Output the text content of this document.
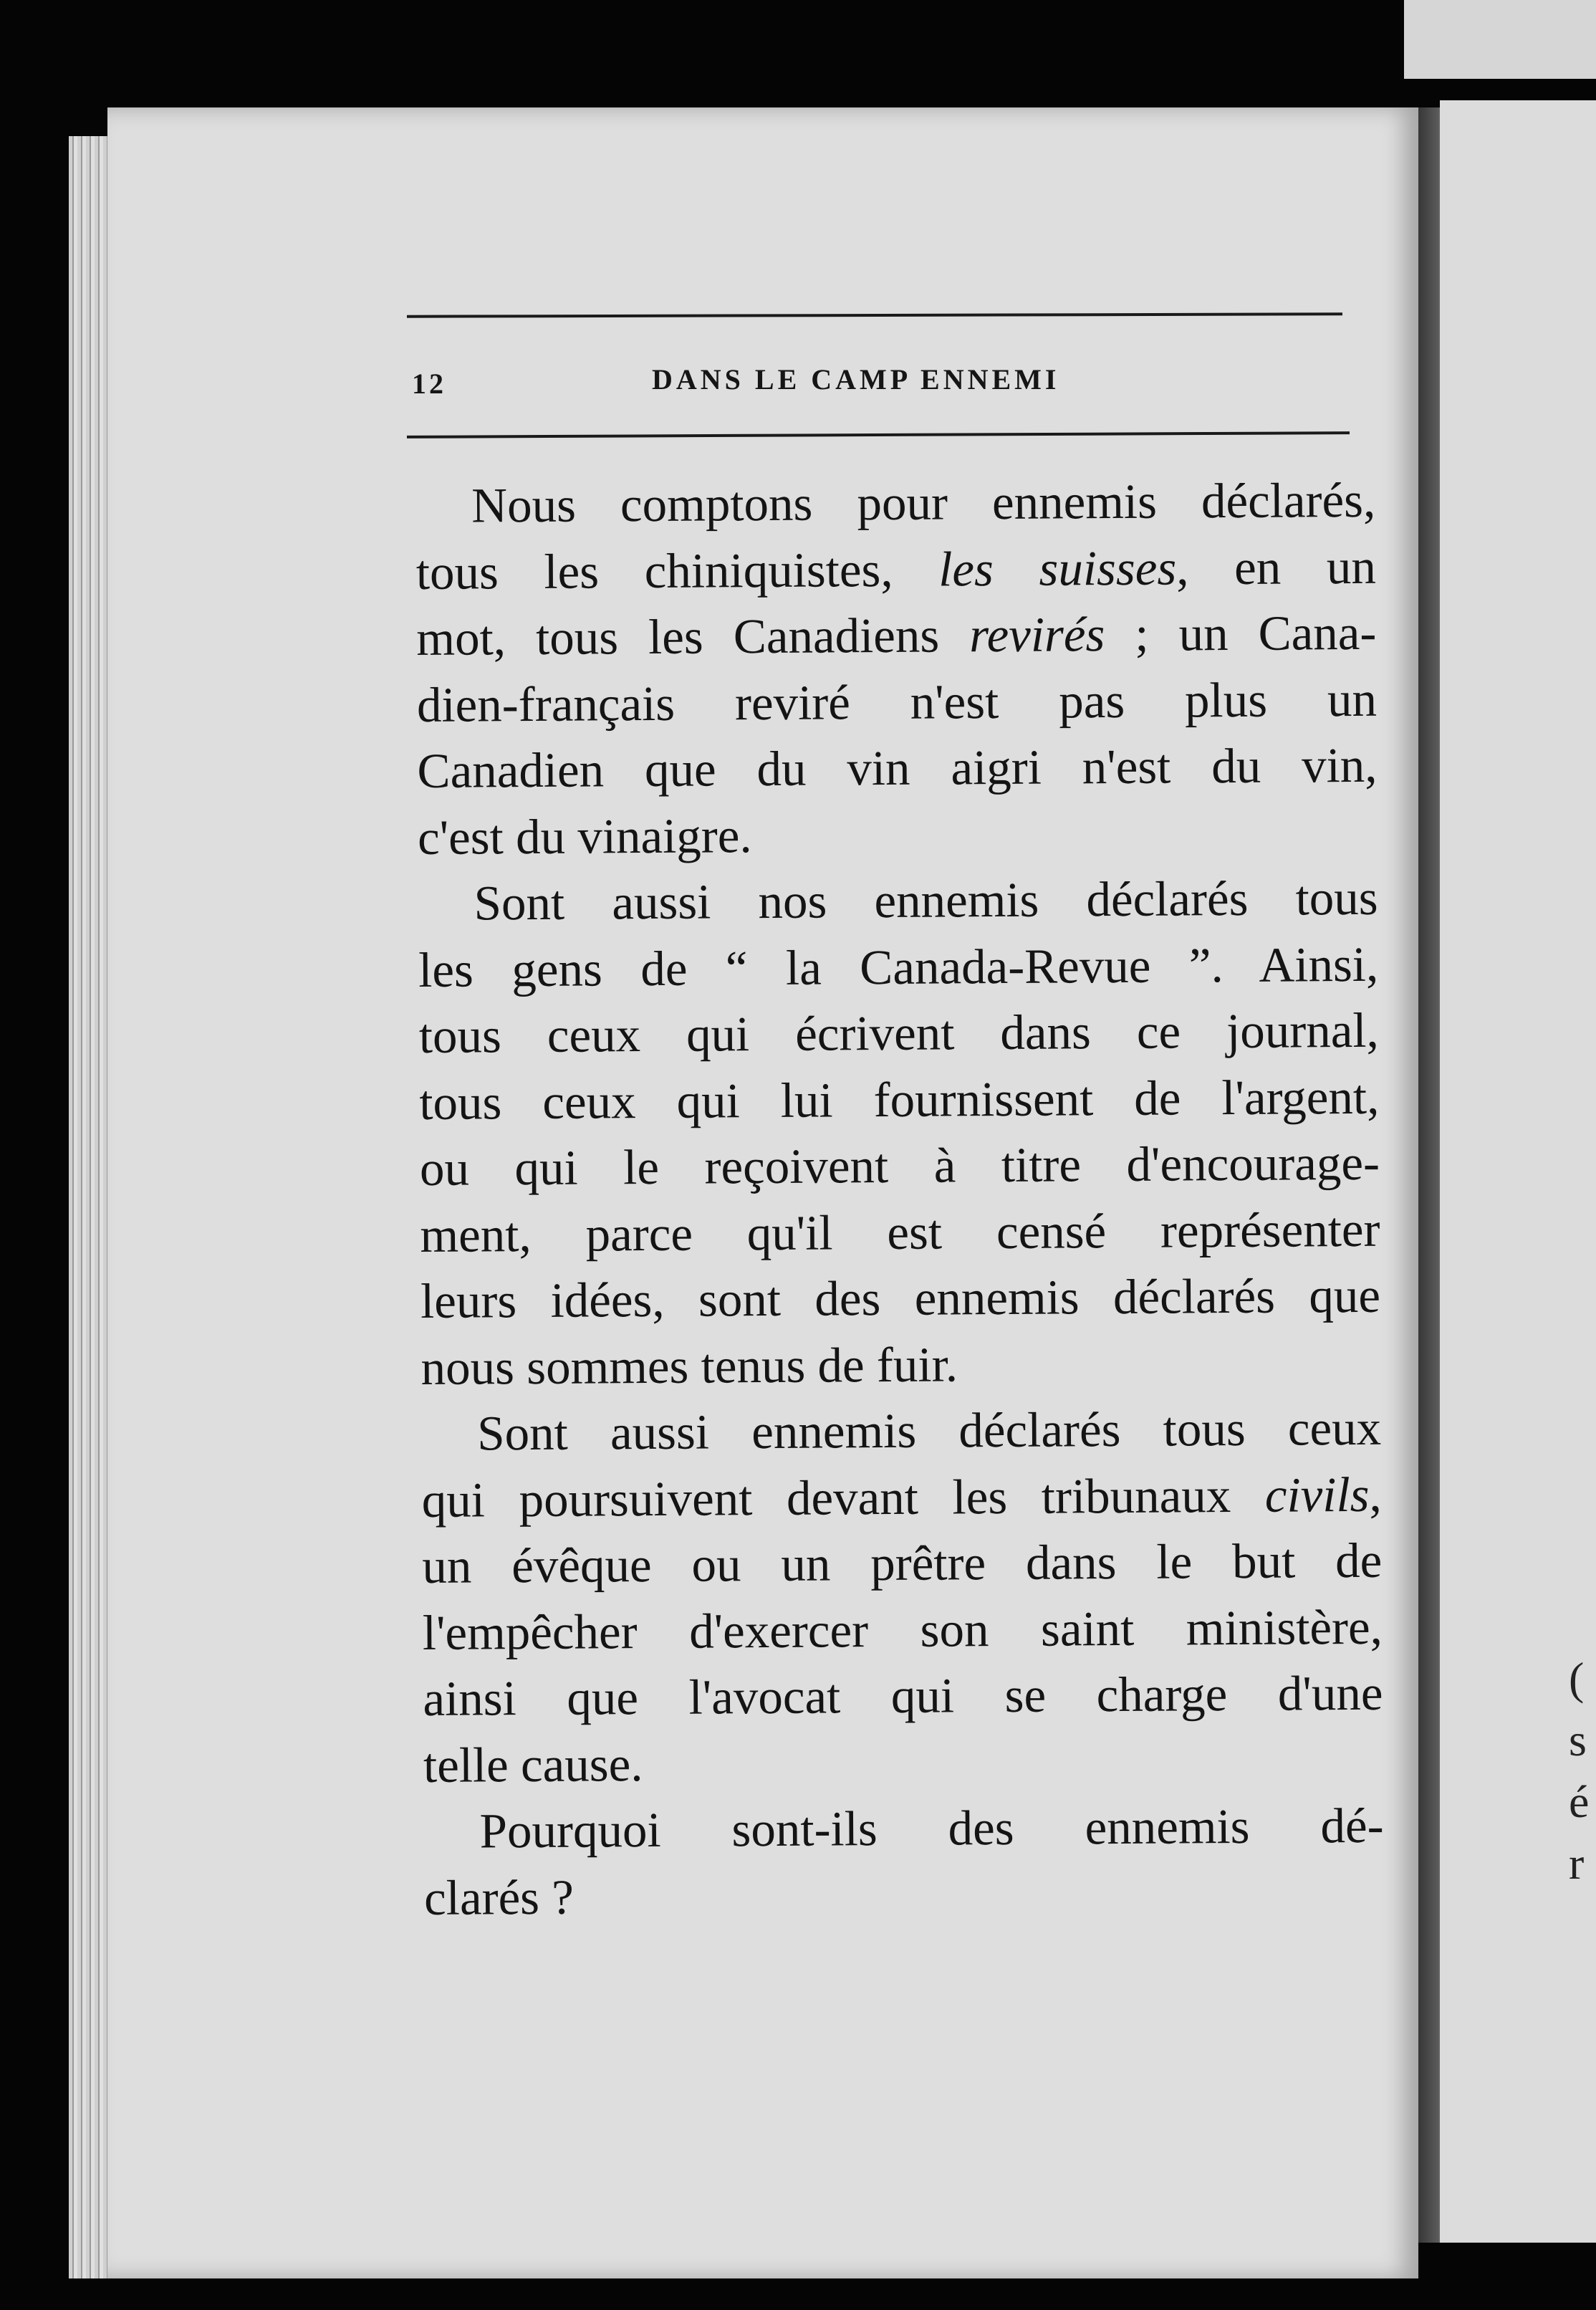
(
s
é
r
12	DANS LE CAMP ENNEMI
Nous comptons pour ennemis déclarés,
tous les chiniquistes, les suisses, en un
mot, tous les Canadiens revirés ; un Cana-
dien-français reviré n'est pas plus un
Canadien que du vin aigri n'est du vin,
c'est du vinaigre.
Sont aussi nos ennemis déclarés tous
les gens de “ la Canada-Revue ”. Ainsi,
tous ceux qui écrivent dans ce journal,
tous ceux qui lui fournissent de l'argent,
ou qui le reçoivent à titre d'encourage-
ment, parce qu'il est censé représenter
leurs idées, sont des ennemis déclarés que
nous sommes tenus de fuir.
Sont aussi ennemis déclarés tous ceux
qui poursuivent devant les tribunaux civils,
un évêque ou un prêtre dans le but de
l'empêcher d'exercer son saint ministère,
ainsi que l'avocat qui se charge d'une
telle cause.
Pourquoi sont-ils des ennemis dé-
clarés ?
